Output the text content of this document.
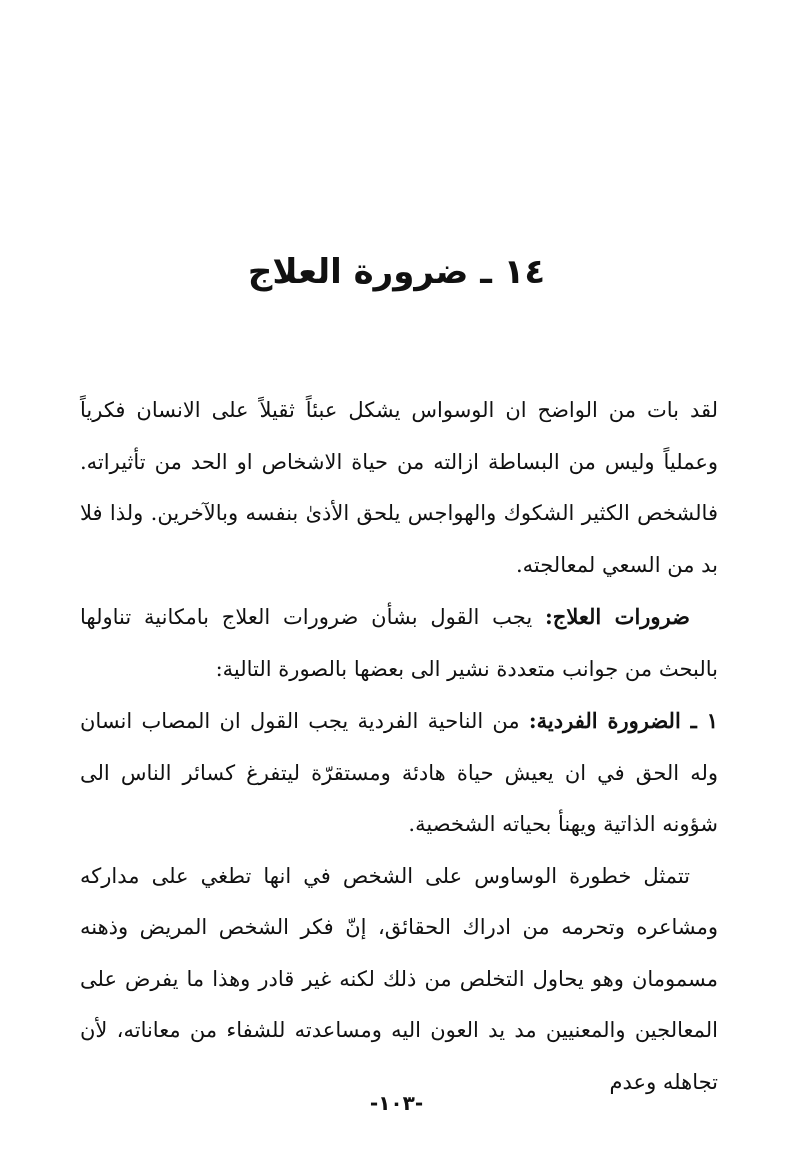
١٤ ـ ضرورة العلاج

لقد بات من الواضح ان الوسواس يشكل عبئاً ثقيلاً على الانسان فكرياً وعملياً وليس من البساطة ازالته من حياة الاشخاص او الحد من تأثيراته. فالشخص الكثير الشكوك والهواجس يلحق الأذىٰ بنفسه وبالآخرين. ولذا فلا بد من السعي لمعالجته.

ضرورات العلاج: يجب القول بشأن ضرورات العلاج بامكانية تناولها بالبحث من جوانب متعددة نشير الى بعضها بالصورة التالية:

١ ـ الضرورة الفردية: من الناحية الفردية يجب القول ان المصاب انسان وله الحق في ان يعيش حياة هادئة ومستقرّة ليتفرغ كسائر الناس الى شؤونه الذاتية ويهنأ بحياته الشخصية.

تتمثل خطورة الوساوس على الشخص في انها تطغي على مداركه ومشاعره وتحرمه من ادراك الحقائق، إنّ فكر الشخص المريض وذهنه مسمومان وهو يحاول التخلص من ذلك لكنه غير قادر وهذا ما يفرض على المعالجين والمعنيين مد يد العون اليه ومساعدته للشفاء من معاناته، لأن تجاهله وعدم

-١٠٣-
